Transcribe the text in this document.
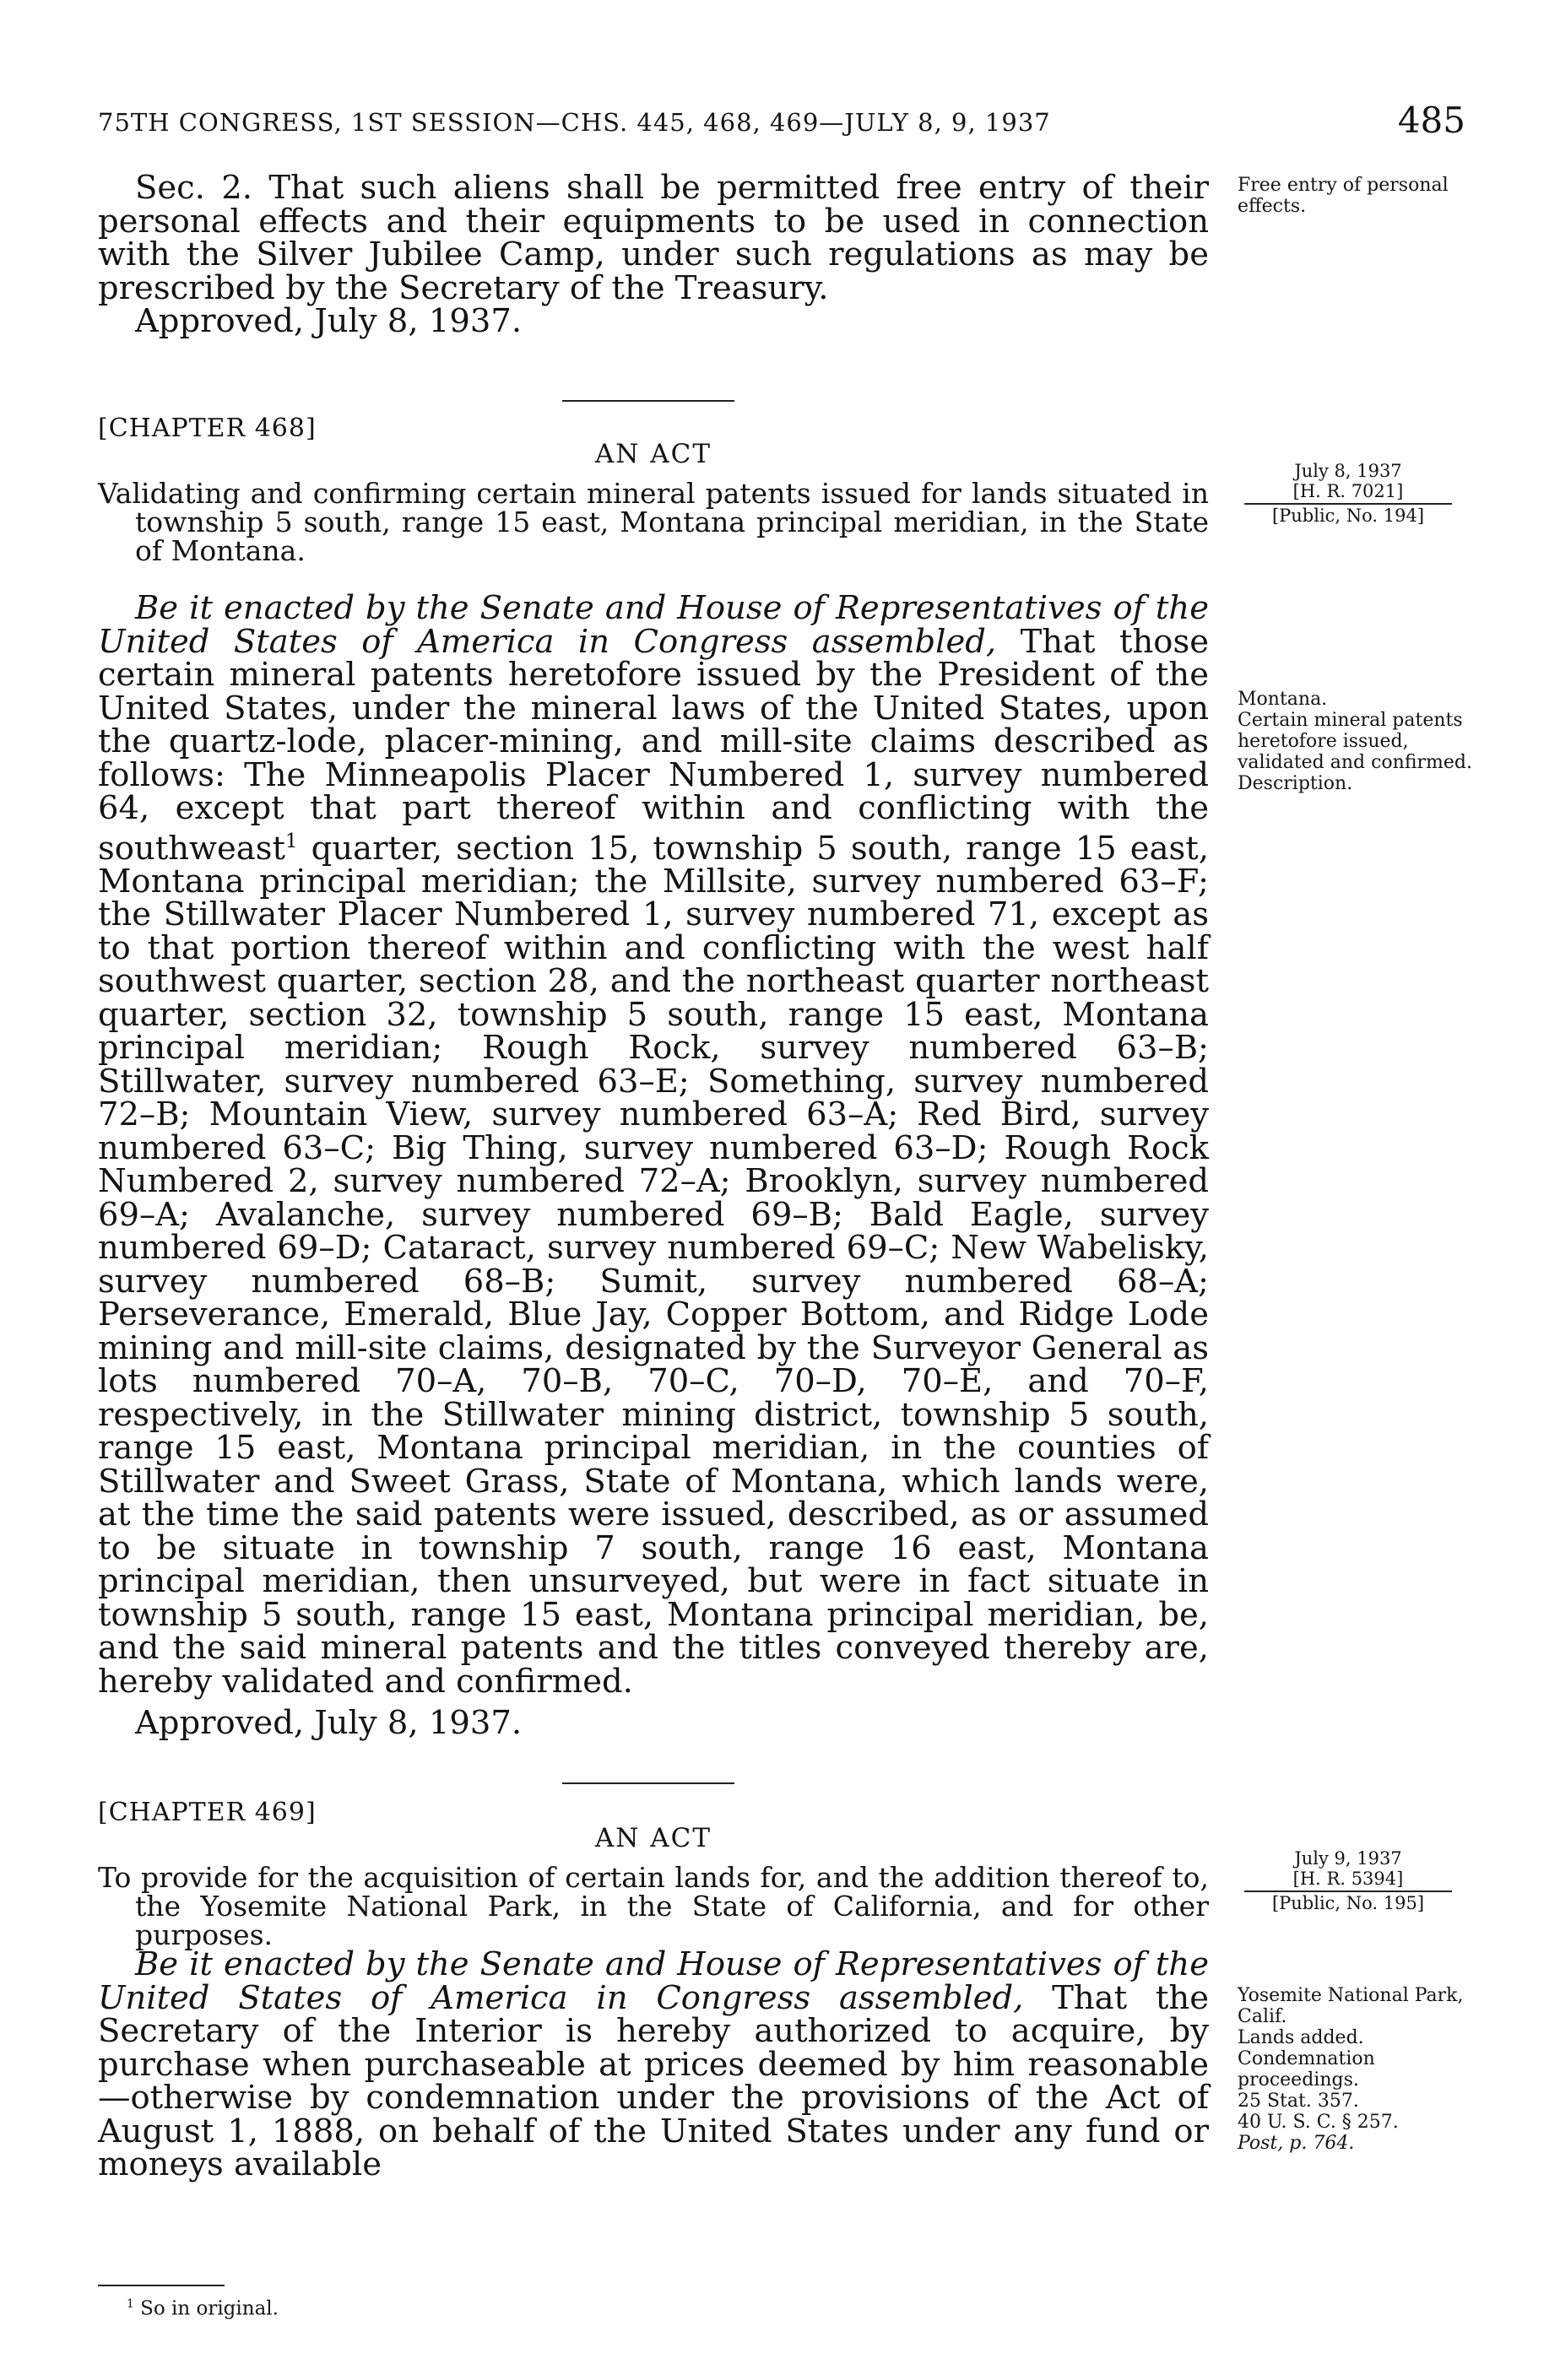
75TH CONGRESS, 1ST SESSION—CHS. 445, 468, 469—JULY 8, 9, 1937	485

Sec. 2. That such aliens shall be permitted free entry of their personal effects and their equipments to be used in connection with the Silver Jubilee Camp, under such regulations as may be prescribed by the Secretary of the Treasury.

Approved, July 8, 1937.

Free entry of personal effects.
[CHAPTER 468]
AN ACT

Validating and confirming certain mineral patents issued for lands situated in township 5 south, range 15 east, Montana principal meridian, in the State of Montana.

July 8, 1937
[H. R. 7021]
[Public, No. 194]

Be it enacted by the Senate and House of Representatives of the United States of America in Congress assembled, That those certain mineral patents heretofore issued by the President of the United States, under the mineral laws of the United States, upon the quartz-lode, placer-mining, and mill-site claims described as follows: The Minneapolis Placer Numbered 1, survey numbered 64, except that part thereof within and conflicting with the southweast$^1$ quarter, section 15, township 5 south, range 15 east, Montana principal meridian; the Millsite, survey numbered 63–F; the Stillwater Placer Numbered 1, survey numbered 71, except as to that portion thereof within and conflicting with the west half southwest quarter, section 28, and the northeast quarter northeast quarter, section 32, township 5 south, range 15 east, Montana principal meridian; Rough Rock, survey numbered 63–B; Stillwater, survey numbered 63–E; Something, survey numbered 72–B; Mountain View, survey numbered 63–A; Red Bird, survey numbered 63–C; Big Thing, survey numbered 63–D; Rough Rock Numbered 2, survey numbered 72–A; Brooklyn, survey numbered 69–A; Avalanche, survey numbered 69–B; Bald Eagle, survey numbered 69–D; Cataract, survey numbered 69–C; New Wabelisky, survey numbered 68–B; Sumit, survey numbered 68–A; Perseverance, Emerald, Blue Jay, Copper Bottom, and Ridge Lode mining and mill-site claims, designated by the Surveyor General as lots numbered 70–A, 70–B, 70–C, 70–D, 70–E, and 70–F, respectively, in the Stillwater mining district, township 5 south, range 15 east, Montana principal meridian, in the counties of Stillwater and Sweet Grass, State of Montana, which lands were, at the time the said patents were issued, described, as or assumed to be situate in township 7 south, range 16 east, Montana principal meridian, then unsurveyed, but were in fact situate in township 5 south, range 15 east, Montana principal meridian, be, and the said mineral patents and the titles conveyed thereby are, hereby validated and confirmed.

Approved, July 8, 1937.

Montana.
Certain mineral patents heretofore issued, validated and confirmed.
Description.
[CHAPTER 469]
AN ACT

To provide for the acquisition of certain lands for, and the addition thereof to, the Yosemite National Park, in the State of California, and for other purposes.

July 9, 1937
[H. R. 5394]
[Public, No. 195]

Be it enacted by the Senate and House of Representatives of the United States of America in Congress assembled, That the Secretary of the Interior is hereby authorized to acquire, by purchase when purchaseable at prices deemed by him reasonable—otherwise by condemnation under the provisions of the Act of August 1, 1888, on behalf of the United States under any fund or moneys available

Yosemite National Park, Calif.
Lands added.
Condemnation proceedings.
25 Stat. 357.
40 U. S. C. § 257.
Post, p. 764.
$^1$ So in original.
